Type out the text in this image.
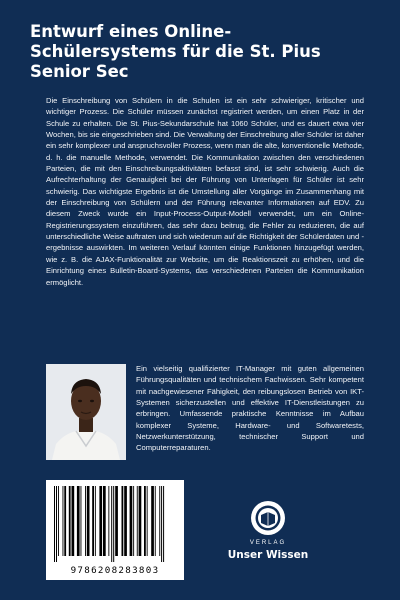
Entwurf eines Online-Schülersystems für die St. Pius Senior Sec

Die Einschreibung von Schülern in die Schulen ist ein sehr schwieriger, kritischer und wichtiger Prozess. Die Schüler müssen zunächst registriert werden, um einen Platz in der Schule zu erhalten. Die St. Pius-Sekundarschule hat 1060 Schüler, und es dauert etwa vier Wochen, bis sie eingeschrieben sind. Die Verwaltung der Einschreibung aller Schüler ist daher ein sehr komplexer und anspruchsvoller Prozess, wenn man die alte, konventionelle Methode, d. h. die manuelle Methode, verwendet. Die Kommunikation zwischen den verschiedenen Parteien, die mit den Einschreibungsaktivitäten befasst sind, ist sehr schwierig. Auch die Aufrechterhaltung der Genauigkeit bei der Führung von Unterlagen für Schüler ist sehr schwierig. Das wichtigste Ergebnis ist die Umstellung aller Vorgänge im Zusammenhang mit der Einschreibung von Schülern und der Führung relevanter Informationen auf EDV. Zu diesem Zweck wurde ein Input-Process-Output-Modell verwendet, um ein Online-Registrierungssystem einzuführen, das sehr dazu beitrug, die Fehler zu reduzieren, die auf unterschiedliche Weise auftraten und sich wiederum auf die Richtigkeit der Schülerdaten und -ergebnisse auswirkten. Im weiteren Verlauf könnten einige Funktionen hinzugefügt werden, wie z. B. die AJAX-Funktionalität zur Website, um die Reaktionszeit zu erhöhen, und die Einrichtung eines Bulletin-Board-Systems, das verschiedenen Parteien die Kommunikation ermöglicht.

Ein vielseitig qualifizierter IT-Manager mit guten allgemeinen Führungsqualitäten und technischem Fachwissen. Sehr kompetent mit nachgewiesener Fähigkeit, den reibungslosen Betrieb von IKT-Systemen sicherzustellen und effektive IT-Dienstleistungen zu erbringen. Umfassende praktische Kenntnisse im Aufbau komplexer Systeme, Hardware- und Softwaretests, Netzwerkunterstützung, technischer Support und Computerreparaturen.

9786208283803
VERLAG
Unser Wissen
